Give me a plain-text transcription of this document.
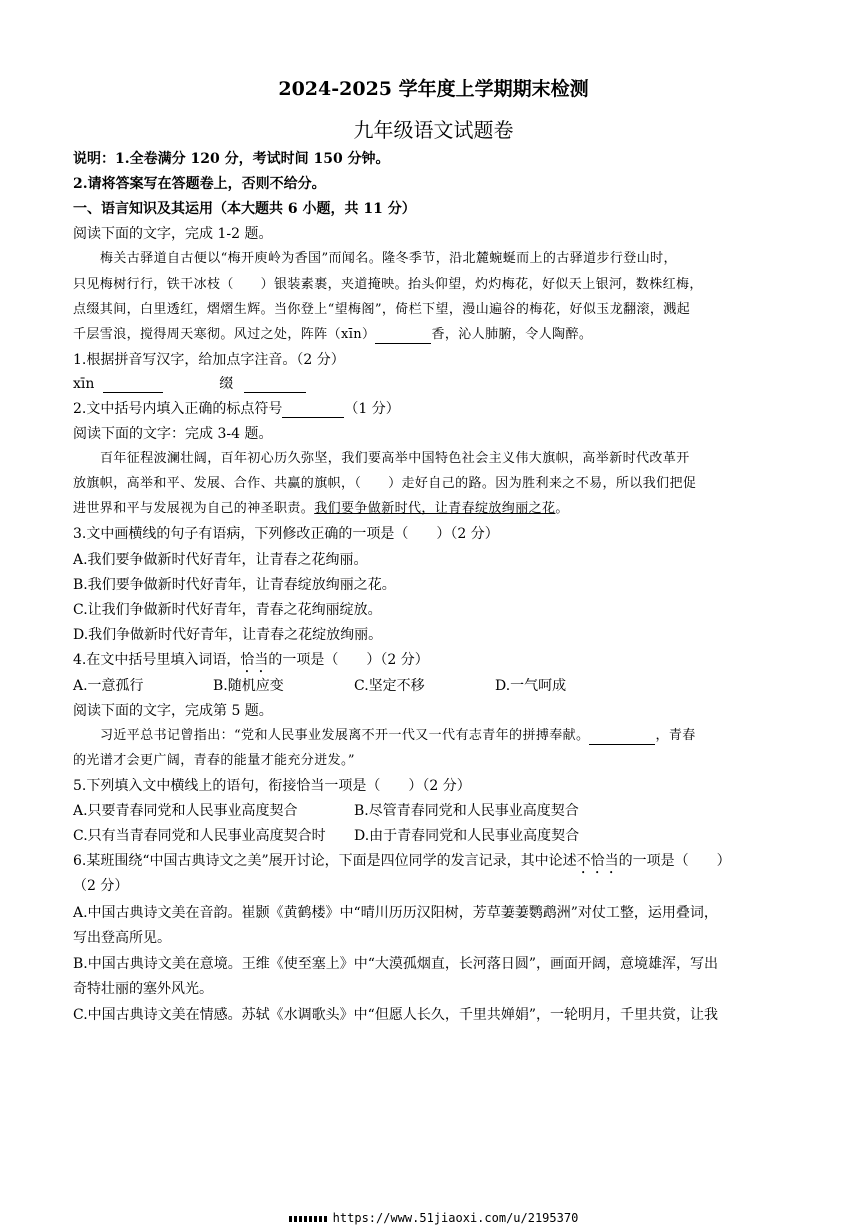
2024-2025 学年度上学期期末检测
九年级语文试题卷
说明：1.全卷满分 120 分，考试时间 150 分钟。
2.请将答案写在答题卷上，否则不给分。
一、语言知识及其运用（本大题共 6 小题，共 11 分）
阅读下面的文字，完成 1-2 题。
梅关古驿道自古便以“梅开庾岭为香国”而闻名。隆冬季节，沿北麓蜿蜒而上的古驿道步行登山时，
只见梅树行行，铁干冰枝（　　）银装素裹，夹道掩映。抬头仰望，灼灼梅花，好似天上银河，数株红梅，
点缀其间，白里透红，熠熠生辉。当你登上“望梅阁”，倚栏下望，漫山遍谷的梅花，好似玉龙翻滚，溅起
千层雪浪，搅得周天寒彻。风过之处，阵阵（xīn）	香，沁人肺腑，令人陶醉。
1.根据拼音写汉字，给加点字注音。（2 分）
xīn	缀
2.文中括号内填入正确的标点符号	（1 分）
阅读下面的文字：完成 3-4 题。
百年征程波澜壮阔，百年初心历久弥坚，我们要高举中国特色社会主义伟大旗帜，高举新时代改革开
放旗帜，高举和平、发展、合作、共赢的旗帜，（　　）走好自己的路。因为胜利来之不易，所以我们把促
进世界和平与发展视为自己的神圣职责。我们要争做新时代，让青春绽放绚丽之花。
3.文中画横线的句子有语病，下列修改正确的一项是（　　）（2 分）
A.我们要争做新时代好青年，让青春之花绚丽。
B.我们要争做新时代好青年，让青春绽放绚丽之花。
C.让我们争做新时代好青年，青春之花绚丽绽放。
D.我们争做新时代好青年，让青春之花绽放绚丽。
4.在文中括号里填入词语，恰当的一项是（　　）（2 分）
A.一意孤行	B.随机应变	C.坚定不移	D.一气呵成
阅读下面的文字，完成第 5 题。
习近平总书记曾指出：“党和人民事业发展离不开一代又一代有志青年的拼搏奉献。	，青春
的光谱才会更广阔，青春的能量才能充分迸发。”
5.下列填入文中横线上的语句，衔接恰当一项是（　　）（2 分）
A.只要青春同党和人民事业高度契合	B.尽管青春同党和人民事业高度契合
C.只有当青春同党和人民事业高度契合时 D.由于青春同党和人民事业高度契合
6.某班围绕“中国古典诗文之美”展开讨论，下面是四位同学的发言记录，其中论述不恰当的一项是（　　）
（2 分）
A.中国古典诗文美在音韵。崔颢《黄鹤楼》中“晴川历历汉阳树，芳草萋萋鹦鹉洲”对仗工整，运用叠词，
写出登高所见。
B.中国古典诗文美在意境。王维《使至塞上》中“大漠孤烟直，长河落日圆”，画面开阔，意境雄浑，写出
奇特壮丽的塞外风光。
C.中国古典诗文美在情感。苏轼《水调歌头》中“但愿人长久，千里共婵娟”，一轮明月，千里共赏，让我
https://www.51jiaoxi.com/u/2195370
